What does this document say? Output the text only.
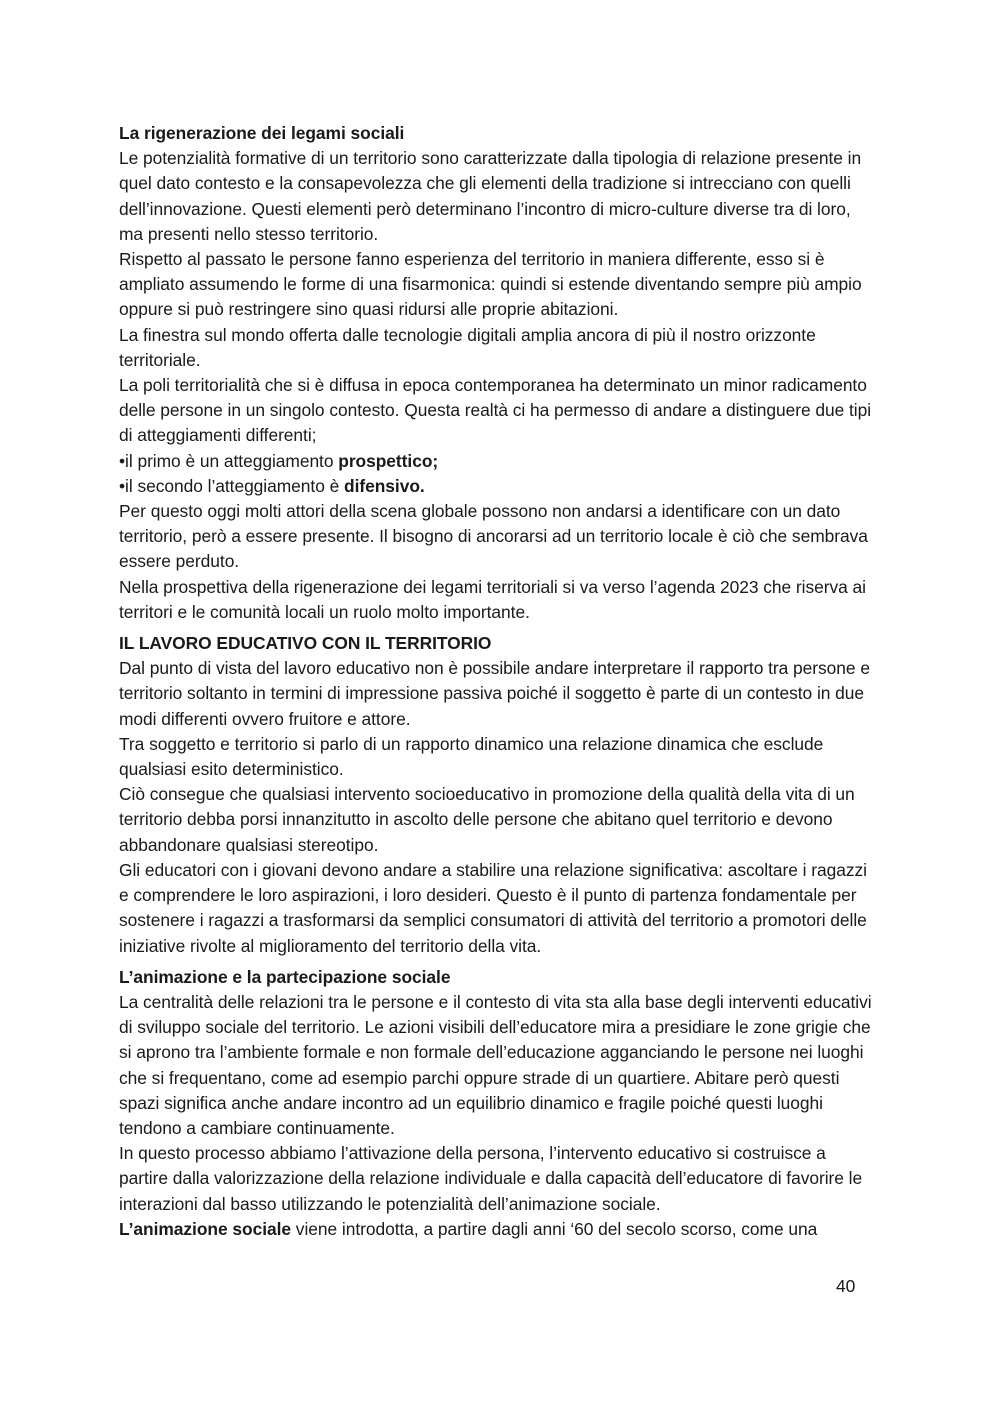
La rigenerazione dei legami sociali

Le potenzialità formative di un territorio sono caratterizzate dalla tipologia di relazione presente in quel dato contesto e la consapevolezza che gli elementi della tradizione si intrecciano con quelli dell’innovazione. Questi elementi però determinano l’incontro di micro-culture diverse tra di loro, ma presenti nello stesso territorio.

Rispetto al passato le persone fanno esperienza del territorio in maniera differente, esso si è ampliato assumendo le forme di una fisarmonica: quindi si estende diventando sempre più ampio oppure si può restringere sino quasi ridursi alle proprie abitazioni.

La finestra sul mondo offerta dalle tecnologie digitali amplia ancora di più il nostro orizzonte territoriale.

La poli territorialità che si è diffusa in epoca contemporanea ha determinato un minor radicamento delle persone in un singolo contesto. Questa realtà ci ha permesso di andare a distinguere due tipi di atteggiamenti differenti;

•il primo è un atteggiamento prospettico;

•il secondo l’atteggiamento è difensivo.

Per questo oggi molti attori della scena globale possono non andarsi a identificare con un dato territorio, però a essere presente. Il bisogno di ancorarsi ad un territorio locale è ciò che sembrava essere perduto.

Nella prospettiva della rigenerazione dei legami territoriali si va verso l’agenda 2023 che riserva ai territori e le comunità locali un ruolo molto importante.

IL LAVORO EDUCATIVO CON IL TERRITORIO

Dal punto di vista del lavoro educativo non è possibile andare interpretare il rapporto tra persone e territorio soltanto in termini di impressione passiva poiché il soggetto è parte di un contesto in due modi differenti ovvero fruitore e attore.

Tra soggetto e territorio si parlo di un rapporto dinamico una relazione dinamica che esclude qualsiasi esito deterministico.

Ciò consegue che qualsiasi intervento socioeducativo in promozione della qualità della vita di un territorio debba porsi innanzitutto in ascolto delle persone che abitano quel territorio e devono abbandonare qualsiasi stereotipo.

Gli educatori con i giovani devono andare a stabilire una relazione significativa: ascoltare i ragazzi e comprendere le loro aspirazioni, i loro desideri. Questo è il punto di partenza fondamentale per sostenere i ragazzi a trasformarsi da semplici consumatori di attività del territorio a promotori delle iniziative rivolte al miglioramento del territorio della vita.

L’animazione e la partecipazione sociale

La centralità delle relazioni tra le persone e il contesto di vita sta alla base degli interventi educativi di sviluppo sociale del territorio. Le azioni visibili dell’educatore mira a presidiare le zone grigie che si aprono tra l’ambiente formale e non formale dell’educazione agganciando le persone nei luoghi che si frequentano, come ad esempio parchi oppure strade di un quartiere. Abitare però questi spazi significa anche andare incontro ad un equilibrio dinamico e fragile poiché questi luoghi tendono a cambiare continuamente.

In questo processo abbiamo l’attivazione della persona, l’intervento educativo si costruisce a partire dalla valorizzazione della relazione individuale e dalla capacità dell’educatore di favorire le interazioni dal basso utilizzando le potenzialità dell’animazione sociale.

L’animazione sociale viene introdotta, a partire dagli anni ‘60 del secolo scorso, come una

40
